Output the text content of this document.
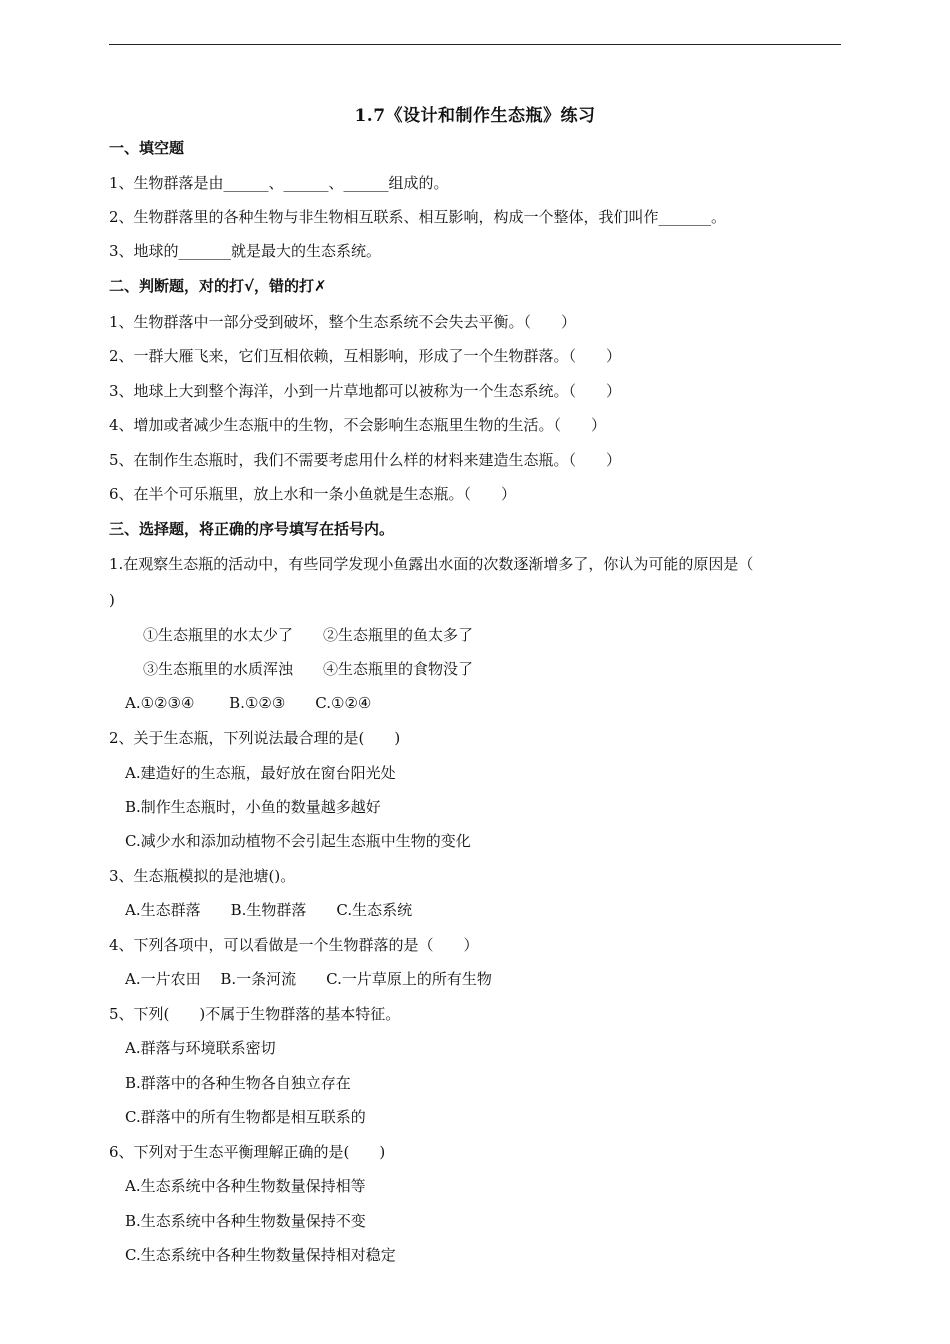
1.7《设计和制作生态瓶》练习
一、填空题
1、生物群落是由______、______、______组成的。
2、生物群落里的各种生物与非生物相互联系、相互影响，构成一个整体，我们叫作_______。
3、地球的_______就是最大的生态系统。
二、判断题，对的打√，错的打✗
1、生物群落中一部分受到破坏，整个生态系统不会失去平衡。（　　）
2、一群大雁飞来，它们互相依赖，互相影响，形成了一个生物群落。（　　）
3、地球上大到整个海洋，小到一片草地都可以被称为一个生态系统。（　　）
4、增加或者减少生态瓶中的生物，不会影响生态瓶里生物的生活。（　　）
5、在制作生态瓶时，我们不需要考虑用什么样的材料来建造生态瓶。（　　）
6、在半个可乐瓶里，放上水和一条小鱼就是生态瓶。（　　）
三、选择题，将正确的序号填写在括号内。
1.在观察生态瓶的活动中，有些同学发现小鱼露出水面的次数逐渐增多了，你认为可能的原因是（
)
①生态瓶里的水太少了　　②生态瓶里的鱼太多了
③生态瓶里的水质浑浊　　④生态瓶里的食物没了
A.①②③④　　 B.①②③　　C.①②④
2、关于生态瓶，下列说法最合理的是(　　)
A.建造好的生态瓶，最好放在窗台阳光处
B.制作生态瓶时，小鱼的数量越多越好
C.减少水和添加动植物不会引起生态瓶中生物的变化
3、生态瓶模拟的是池塘()。
A.生态群落　　B.生物群落　　C.生态系统
4、下列各项中，可以看做是一个生物群落的是（　　）
A.一片农田　 B.一条河流　　C.一片草原上的所有生物
5、下列(　　)不属于生物群落的基本特征。
A.群落与环境联系密切
B.群落中的各种生物各自独立存在
C.群落中的所有生物都是相互联系的
6、下列对于生态平衡理解正确的是(　　)
A.生态系统中各种生物数量保持相等
B.生态系统中各种生物数量保持不变
C.生态系统中各种生物数量保持相对稳定
